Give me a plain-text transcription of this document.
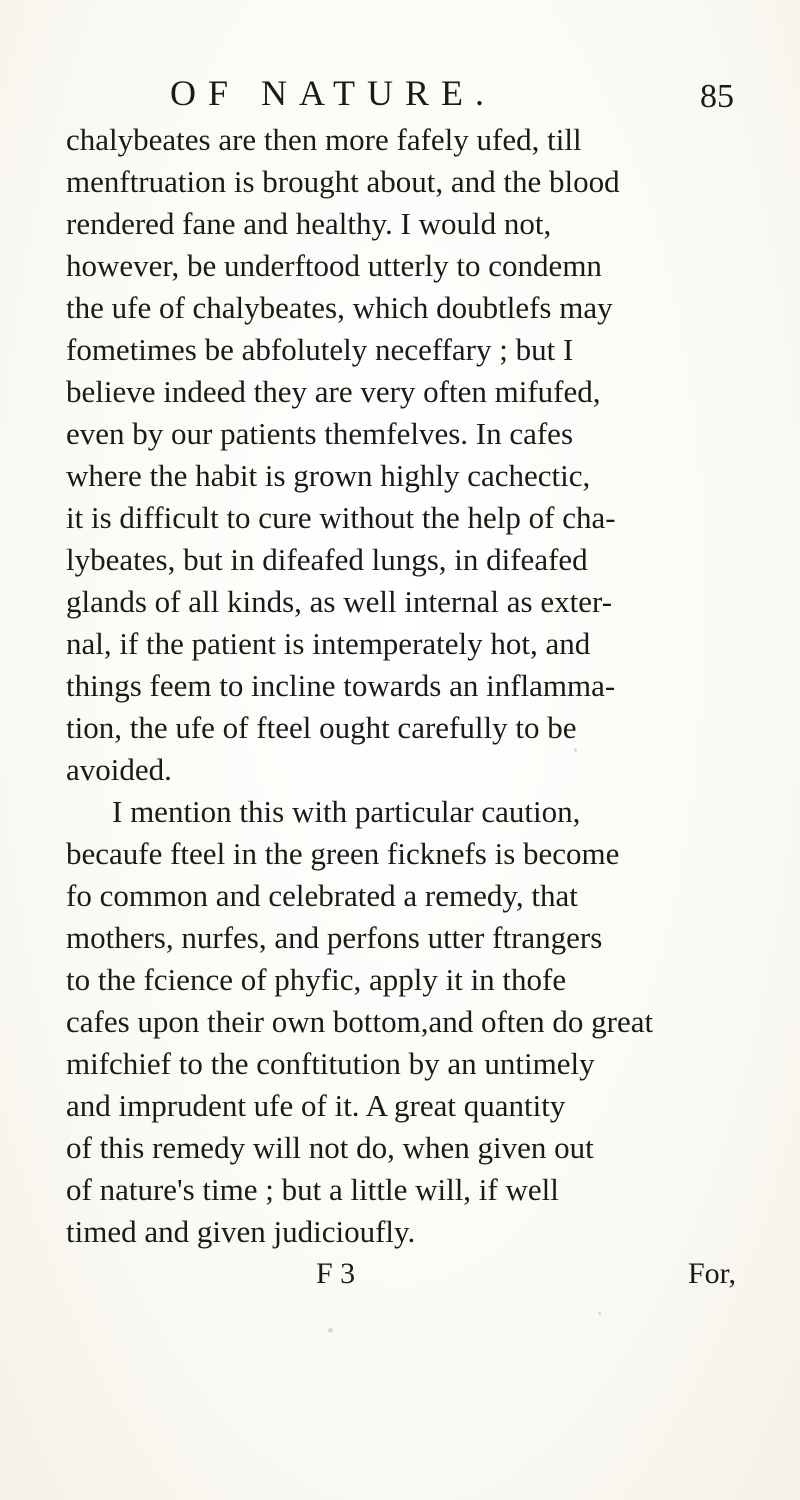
OF NATURE.	85
chalybeates are then more fafely ufed, till
menftruation is brought about, and the blood
rendered fane and healthy. I would not,
however, be underftood utterly to condemn
the ufe of chalybeates, which doubtlefs may
fometimes be abfolutely neceffary ; but I
believe indeed they are very often mifufed,
even by our patients themfelves. In cafes
where the habit is grown highly cachectic,
it is difficult to cure without the help of cha-
lybeates, but in difeafed lungs, in difeafed
glands of all kinds, as well internal as exter-
nal, if the patient is intemperately hot, and
things feem to incline towards an inflamma-
tion, the ufe of fteel ought carefully to be
avoided.
I mention this with particular caution,
becaufe fteel in the green ficknefs is become
fo common and celebrated a remedy, that
mothers, nurfes, and perfons utter ftrangers
to the fcience of phyfic, apply it in thofe
cafes upon their own bottom,and often do great
mifchief to the conftitution by an untimely
and imprudent ufe of it. A great quantity
of this remedy will not do, when given out
of nature's time ; but a little will, if well
timed and given judicioufly.
F 3	For,
